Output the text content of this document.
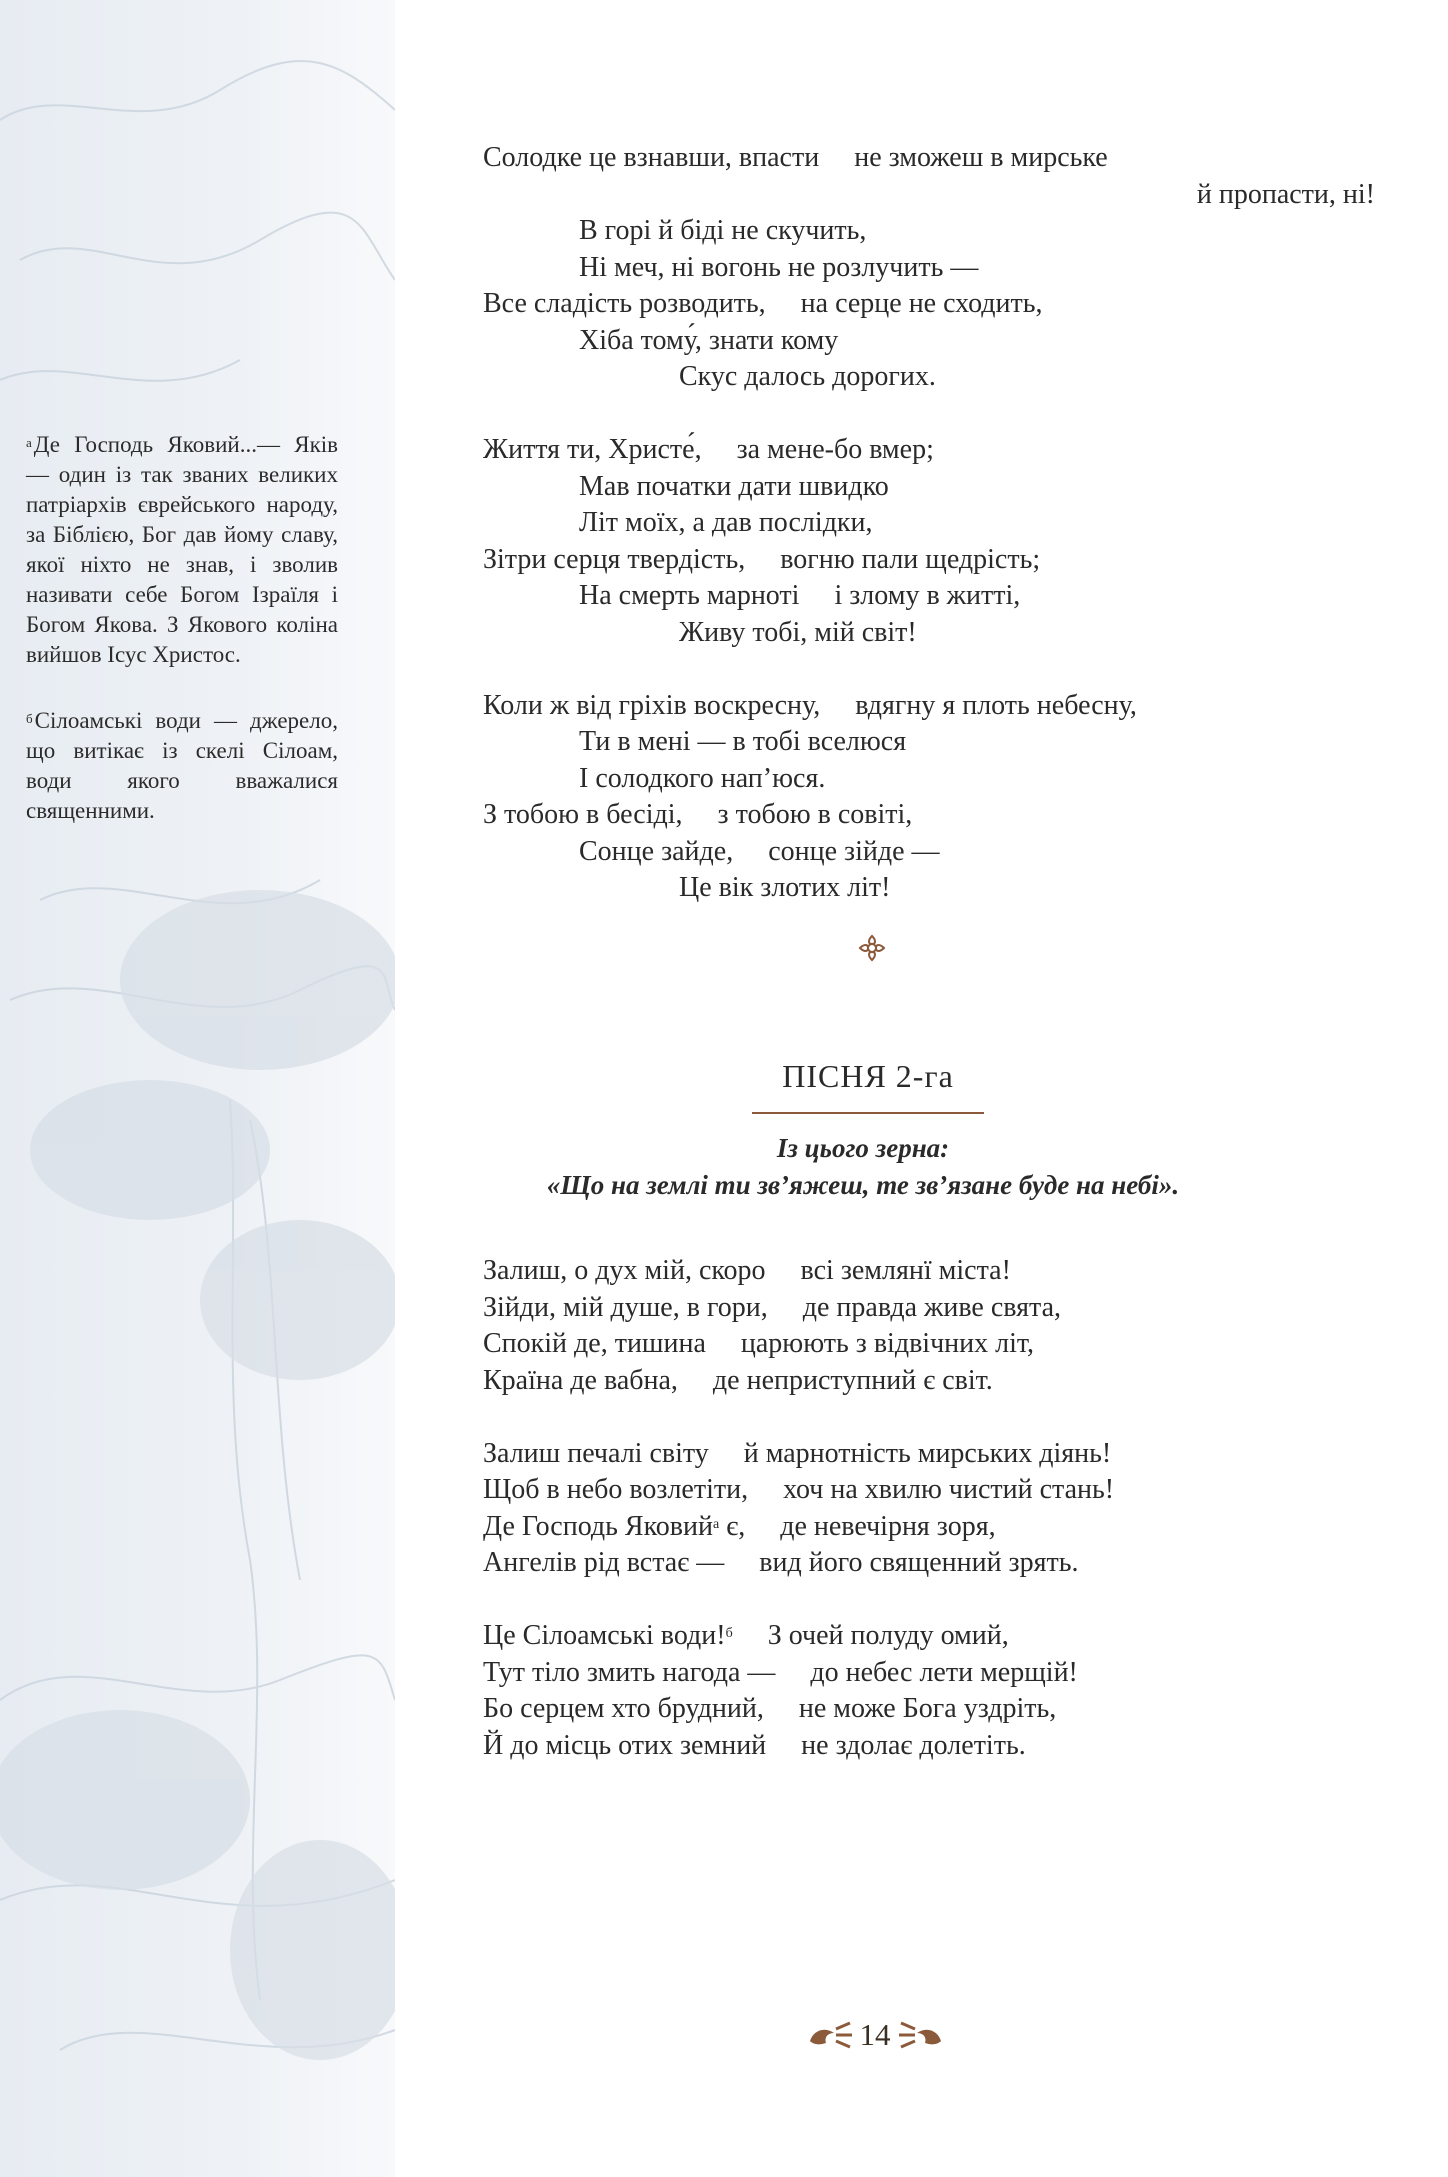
$^а$Де Господь Яковий...— Яків — один із так званих великих патріархів єврейського народу, за Біблією, Бог дав йому славу, якої ніхто не знав, і зволив називати себе Богом Ізраїля і Богом Якова. З Якового коліна вийшов Ісус Христос.

$^б$Сілоамські води — джерело, що витікає із скелі Сілоам, води якого вважалися священними.

Солодке це взнавши, впасти     не зможеш в мирське
й пропасти, ні!
В горі й біді не скучить,
Ні меч, ні вогонь не розлучить —
Все сладість розводить,     на серце не сходить,
Хіба тому́, знати кому
Скус далось дорогих.
Життя ти, Христе́,     за мене-бо вмер;
Мав початки дати швидко
Літ моїх, а дав послідки,
Зітри серця твердість,     вогню пали щедрість;
На смерть марноті     і злому в житті,
Живу тобі, мій світ!
Коли ж від гріхів воскресну,     вдягну я плоть небесну,
Ти в мені — в тобі вселюся
І солодкого нап’юся.
З тобою в бесіді,     з тобою в совіті,
Сонце зайде,     сонце зійде —
Це вік злотих літ!
ПІСНЯ 2-га
Із цього зерна:
«Що на землі ти зв’яжеш, те зв’язане буде на небі».
Залиш, о дух мій, скоро     всі землянї міста!
Зійди, мій душе, в гори,     де правда живе свята,
Спокій де, тишина     царюють з відвічних літ,
Країна де вабна,     де неприступний є світ.
Залиш печалі світу     й марнотність мирських діянь!
Щоб в небо возлетіти,     хоч на хвилю чистий стань!
Де Господь Яковий$^а$ є,     де невечірня зоря,
Ангелів рід встає —     вид його священний зрять.
Це Сілоамські води!$^б$     З очей полуду омий,
Тут тіло змить нагода —     до небес лети мерщій!
Бо серцем хто брудний,     не може Бога уздріть,
Й до місць отих земний     не здолає долетіть.
14
